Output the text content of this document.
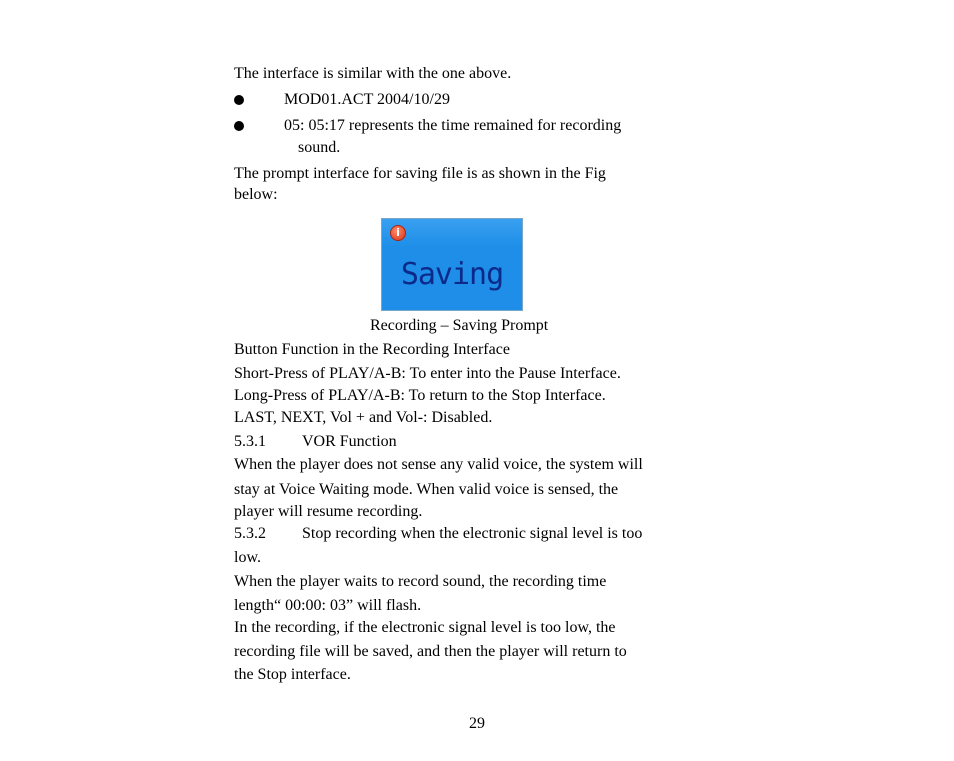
The interface is similar with the one above.
MOD01.ACT 2004/10/29
05: 05:17 represents the time remained for recording
sound.
The prompt interface for saving file is as shown in the Fig
below:
i
Saving
Recording – Saving Prompt
Button Function in the Recording Interface
Short-Press of PLAY/A-B: To enter into the Pause Interface.
Long-Press of PLAY/A-B: To return to the Stop Interface.
LAST, NEXT, Vol + and Vol-: Disabled.
5.3.1 VOR Function
When the player does not sense any valid voice, the system will
stay at Voice Waiting mode. When valid voice is sensed, the
player will resume recording.
5.3.2 Stop recording when the electronic signal level is too
low.
When the player waits to record sound, the recording time
length“ 00:00: 03” will flash.
In the recording, if the electronic signal level is too low, the
recording file will be saved, and then the player will return to
the Stop interface.
29
